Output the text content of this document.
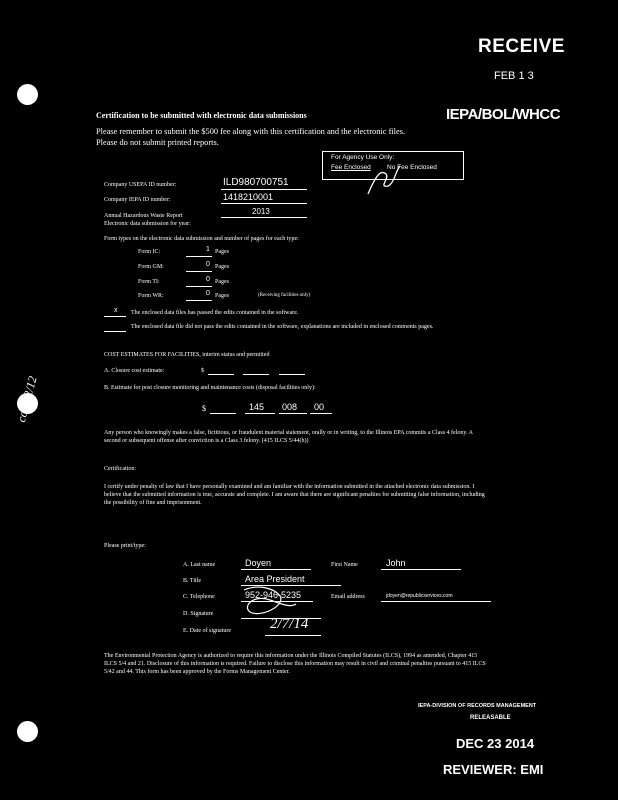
RECEIVE
FEB 1 3
IEPA/BOL/WHCC
copy 2/12
Certification to be submitted with electronic data submissions
Please remember to submit the $500 fee along with this certification and the electronic files. Please do not submit printed reports.
For Agency Use Only:
Fee Enclosed	No Fee Enclosed
Company USEPA ID number:	ILD980700751
Company IEPA ID number:	1418210001
Annual Hazardous Waste Report
Electronic data submission for year:
2013
Form types on the electronic data submission and number of pages for each type:
Form IC:	1 Pages
Form GM:	0 Pages
Form TI:	0 Pages
Form WR:	0 Pages	(Receiving facilities only)
x The enclosed data files has passed the edits contained in the software.
The enclosed data file did not pass the edits contained in the software, explanations are included in enclosed comments pages.
COST ESTIMATES FOR FACILITIES, interim status and permitted
A. Closure cost estimate:	$
B. Estimate for post closure monitoring and maintenance costs (disposal facilities only):
$	145 008 00
Any person who knowingly makes a false, fictitious, or fraudulent material statement, orally or in writing, to the Illinois EPA commits a Class 4 felony. A second or subsequent offense after conviction is a Class 3 felony. (415 ILCS 5/44(h))
Certification:
I certify under penalty of law that I have personally examined and am familiar with the information submitted in the attached electronic data submission. I believe that the submitted information is true, accurate and complete. I am aware that there are significant penalties for submitting false information, including the possibility of fine and imprisonment.
Please print/type:
A. Last name	Doyen	First Name	John
B. Title	Area President
C. Telephone	952-946-5235	Email address	jdoyen@republicservices.com
D. Signature
E. Date of signature	2/7/14
The Environmental Protection Agency is authorized to require this information under the Illinois Compiled Statutes (ILCS), 1994 as amended, Chapter 415 ILCS 5/4 and 21. Disclosure of this information is required. Failure to disclose this information may result in civil and criminal penalties pursuant to 415 ILCS 5/42 and 44. This form has been approved by the Forms Management Center.
IEPA-DIVISION OF RECORDS MANAGEMENT
RELEASABLE
DEC 23 2014
REVIEWER: EMI
